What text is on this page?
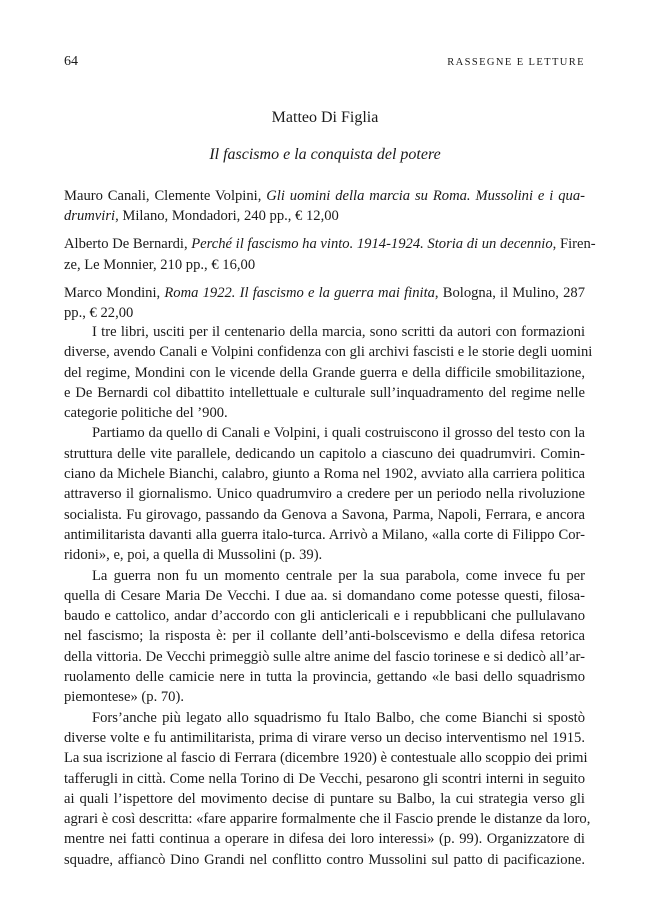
64	RASSEGNE E LETTURE
Matteo Di Figlia
Il fascismo e la conquista del potere
Mauro Canali, Clemente Volpini, Gli uomini della marcia su Roma. Mussolini e i qua-
drumviri, Milano, Mondadori, 240 pp., € 12,00
Alberto De Bernardi, Perché il fascismo ha vinto. 1914-1924. Storia di un decennio, Firen-
ze, Le Monnier, 210 pp., € 16,00
Marco Mondini, Roma 1922. Il fascismo e la guerra mai finita, Bologna, il Mulino, 287
pp., € 22,00
I tre libri, usciti per il centenario della marcia, sono scritti da autori con formazioni
diverse, avendo Canali e Volpini confidenza con gli archivi fascisti e le storie degli uomini
del regime, Mondini con le vicende della Grande guerra e della difficile smobilitazione,
e De Bernardi col dibattito intellettuale e culturale sull’inquadramento del regime nelle
categorie politiche del ’900.
Partiamo da quello di Canali e Volpini, i quali costruiscono il grosso del testo con la
struttura delle vite parallele, dedicando un capitolo a ciascuno dei quadrumviri. Comin-
ciano da Michele Bianchi, calabro, giunto a Roma nel 1902, avviato alla carriera politica
attraverso il giornalismo. Unico quadrumviro a credere per un periodo nella rivoluzione
socialista. Fu girovago, passando da Genova a Savona, Parma, Napoli, Ferrara, e ancora
antimilitarista davanti alla guerra italo-turca. Arrivò a Milano, «alla corte di Filippo Cor-
ridoni», e, poi, a quella di Mussolini (p. 39).
La guerra non fu un momento centrale per la sua parabola, come invece fu per
quella di Cesare Maria De Vecchi. I due aa. si domandano come potesse questi, filosa-
baudo e cattolico, andar d’accordo con gli anticlericali e i repubblicani che pullulavano
nel fascismo; la risposta è: per il collante dell’anti-bolscevismo e della difesa retorica
della vittoria. De Vecchi primeggiò sulle altre anime del fascio torinese e si dedicò all’ar-
ruolamento delle camicie nere in tutta la provincia, gettando «le basi dello squadrismo
piemontese» (p. 70).
Fors’anche più legato allo squadrismo fu Italo Balbo, che come Bianchi si spostò
diverse volte e fu antimilitarista, prima di virare verso un deciso interventismo nel 1915.
La sua iscrizione al fascio di Ferrara (dicembre 1920) è contestuale allo scoppio dei primi
tafferugli in città. Come nella Torino di De Vecchi, pesarono gli scontri interni in seguito
ai quali l’ispettore del movimento decise di puntare su Balbo, la cui strategia verso gli
agrari è così descritta: «fare apparire formalmente che il Fascio prende le distanze da loro,
mentre nei fatti continua a operare in difesa dei loro interessi» (p. 99). Organizzatore di
squadre, affiancò Dino Grandi nel conflitto contro Mussolini sul patto di pacificazione.
